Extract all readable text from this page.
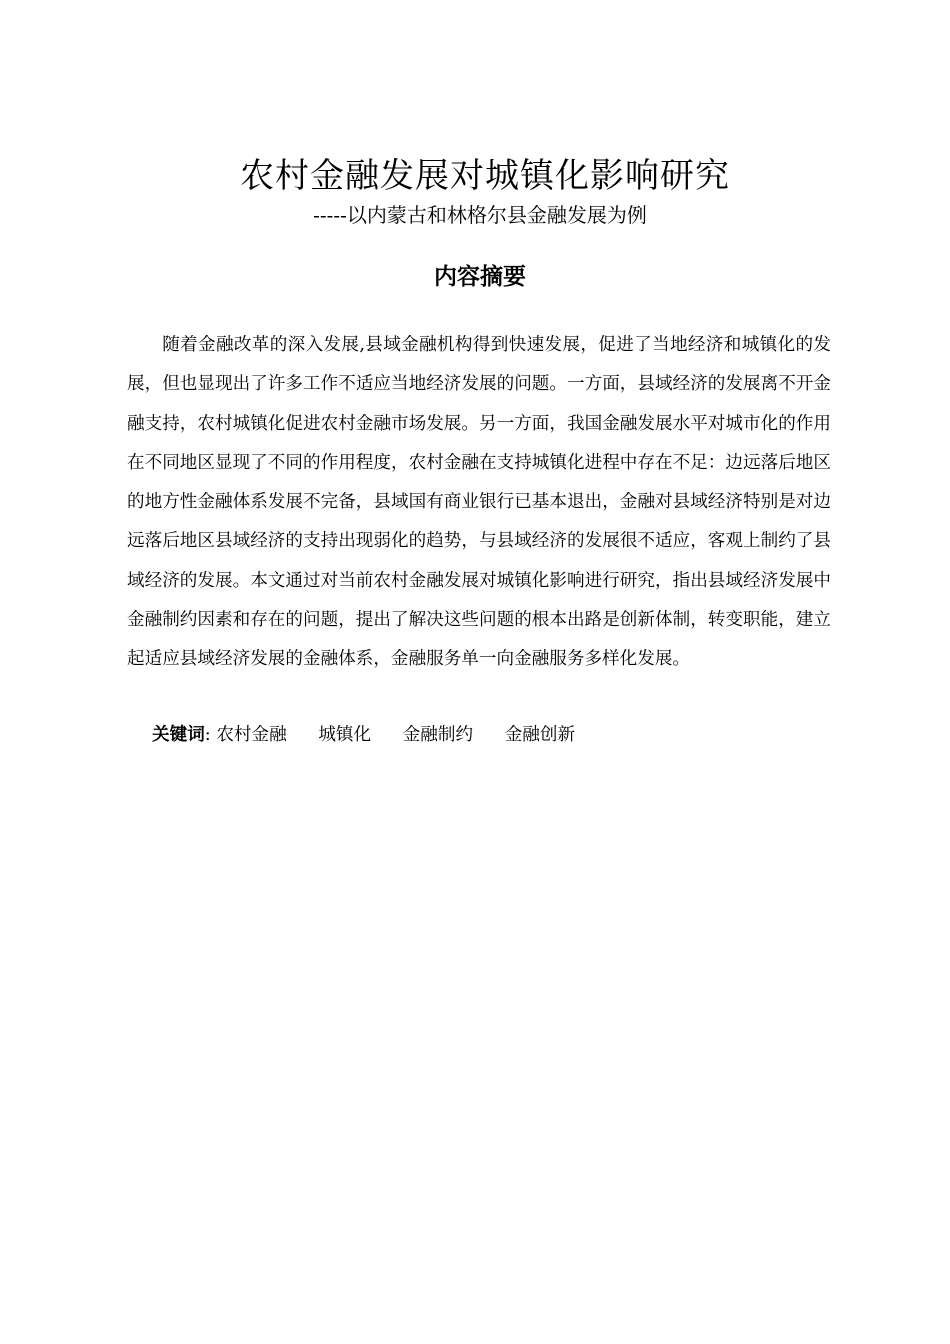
农村金融发展对城镇化影响研究
-----以内蒙古和林格尔县金融发展为例
内容摘要

随着金融改革的深入发展,县域金融机构得到快速发展，促进了当地经济和城镇化的发展，但也显现出了许多工作不适应当地经济发展的问题。一方面，县域经济的发展离不开金融支持，农村城镇化促进农村金融市场发展。另一方面，我国金融发展水平对城市化的作用在不同地区显现了不同的作用程度，农村金融在支持城镇化进程中存在不足：边远落后地区的地方性金融体系发展不完备，县域国有商业银行已基本退出，金融对县域经济特别是对边远落后地区县域经济的支持出现弱化的趋势，与县域经济的发展很不适应，客观上制约了县域经济的发展。本文通过对当前农村金融发展对城镇化影响进行研究，指出县域经济发展中金融制约因素和存在的问题，提出了解决这些问题的根本出路是创新体制，转变职能，建立起适应县域经济发展的金融体系，金融服务单一向金融服务多样化发展。

关键词: 农村金融 城镇化 金融制约 金融创新
